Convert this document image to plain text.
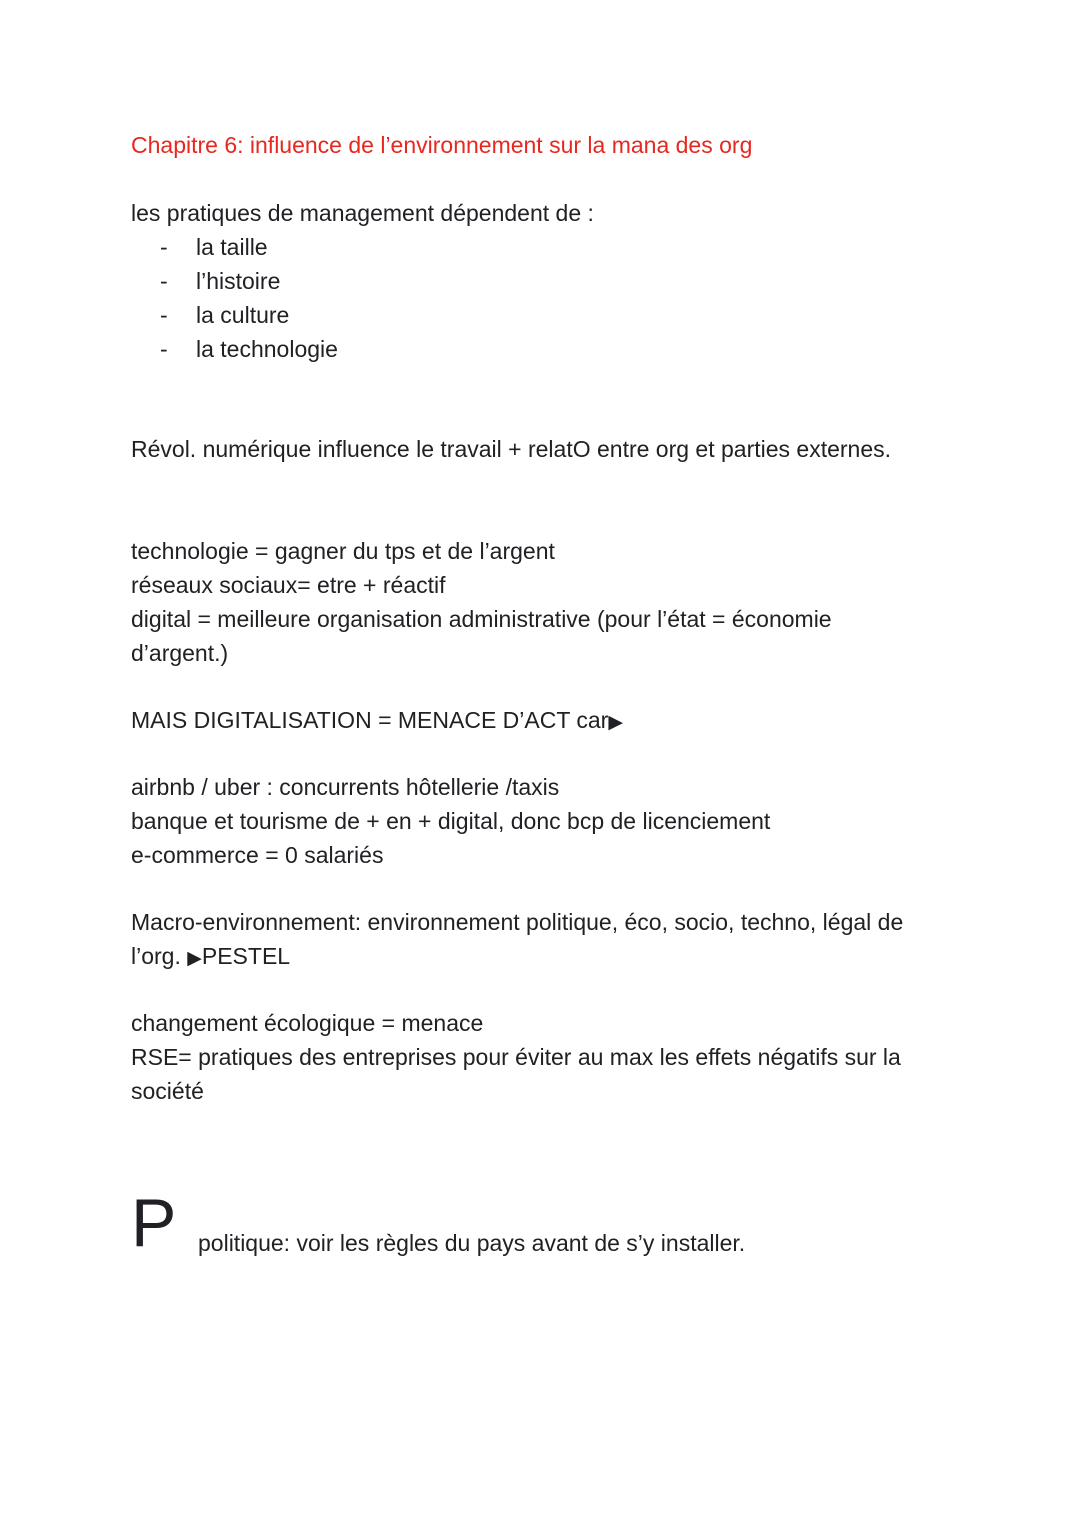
Chapitre 6: influence de l’environnement sur la mana des org
les pratiques de management dépendent de :
-	la taille
-	l’histoire
-	la culture
-	la technologie
Révol. numérique influence le travail + relatO entre org et parties externes.
technologie = gagner du tps et de l’argent
réseaux sociaux= etre + réactif
digital = meilleure organisation administrative (pour l’état = économie
d’argent.)
MAIS DIGITALISATION = MENACE D’ACT car▶
airbnb / uber : concurrents hôtellerie /taxis
banque et tourisme de + en + digital, donc bcp de licenciement
e-commerce = 0 salariés
Macro-environnement: environnement politique, éco, socio, techno, légal de
l’org. ▶PESTEL
changement écologique = menace
RSE= pratiques des entreprises pour éviter au max les effets négatifs sur la
société
P politique: voir les règles du pays avant de s’y installer.
